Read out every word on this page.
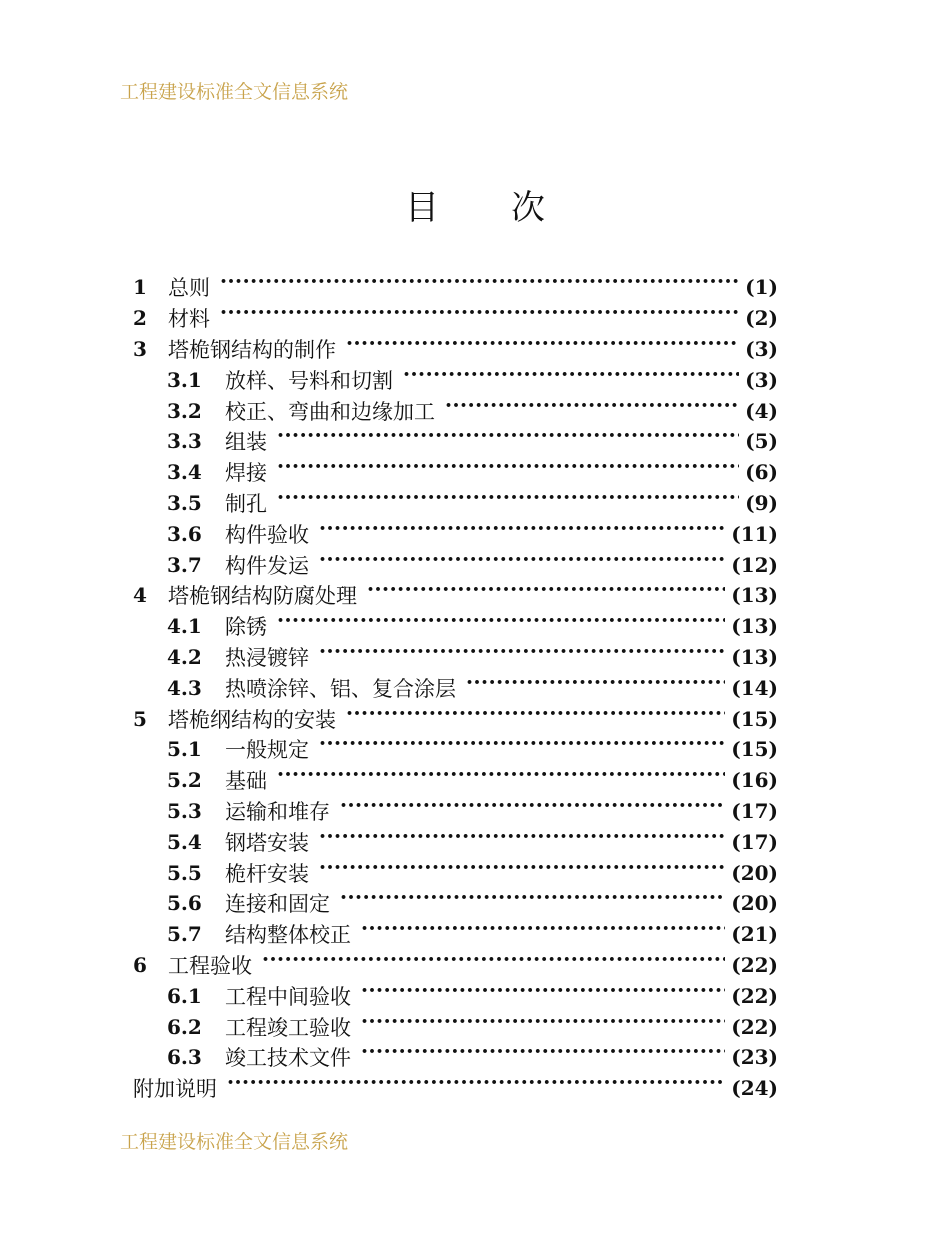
工程建设标准全文信息系统
目 次
1	总则 •••••	(1)
2	材料 •••••	(2)
3	塔桅钢结构的制作 •••••	(3)
3.1	放样、号料和切割 •••••	(3)
3.2	校正、弯曲和边缘加工 •••••	(4)
3.3	组装 •••••	(5)
3.4	焊接 •••••	(6)
3.5	制孔 •••••	(9)
3.6	构件验收 •••••	(11)
3.7	构件发运 •••••	(12)
4	塔桅钢结构防腐处理 •••••	(13)
4.1	除锈 •••••	(13)
4.2	热浸镀锌 •••••	(13)
4.3	热喷涂锌、铝、复合涂层 •••••	(14)
5	塔桅纲结构的安装 •••••	(15)
5.1	一般规定 •••••	(15)
5.2	基础 •••••	(16)
5.3	运输和堆存 •••••	(17)
5.4	钢塔安装 •••••	(17)
5.5	桅杆安装 •••••	(20)
5.6	连接和固定 •••••	(20)
5.7	结构整体校正 •••••	(21)
6	工程验收 •••••	(22)
6.1	工程中间验收 •••••	(22)
6.2	工程竣工验收 •••••	(22)
6.3	竣工技术文件 •••••	(23)
附加说明 •••••	(24)
工程建设标准全文信息系统
